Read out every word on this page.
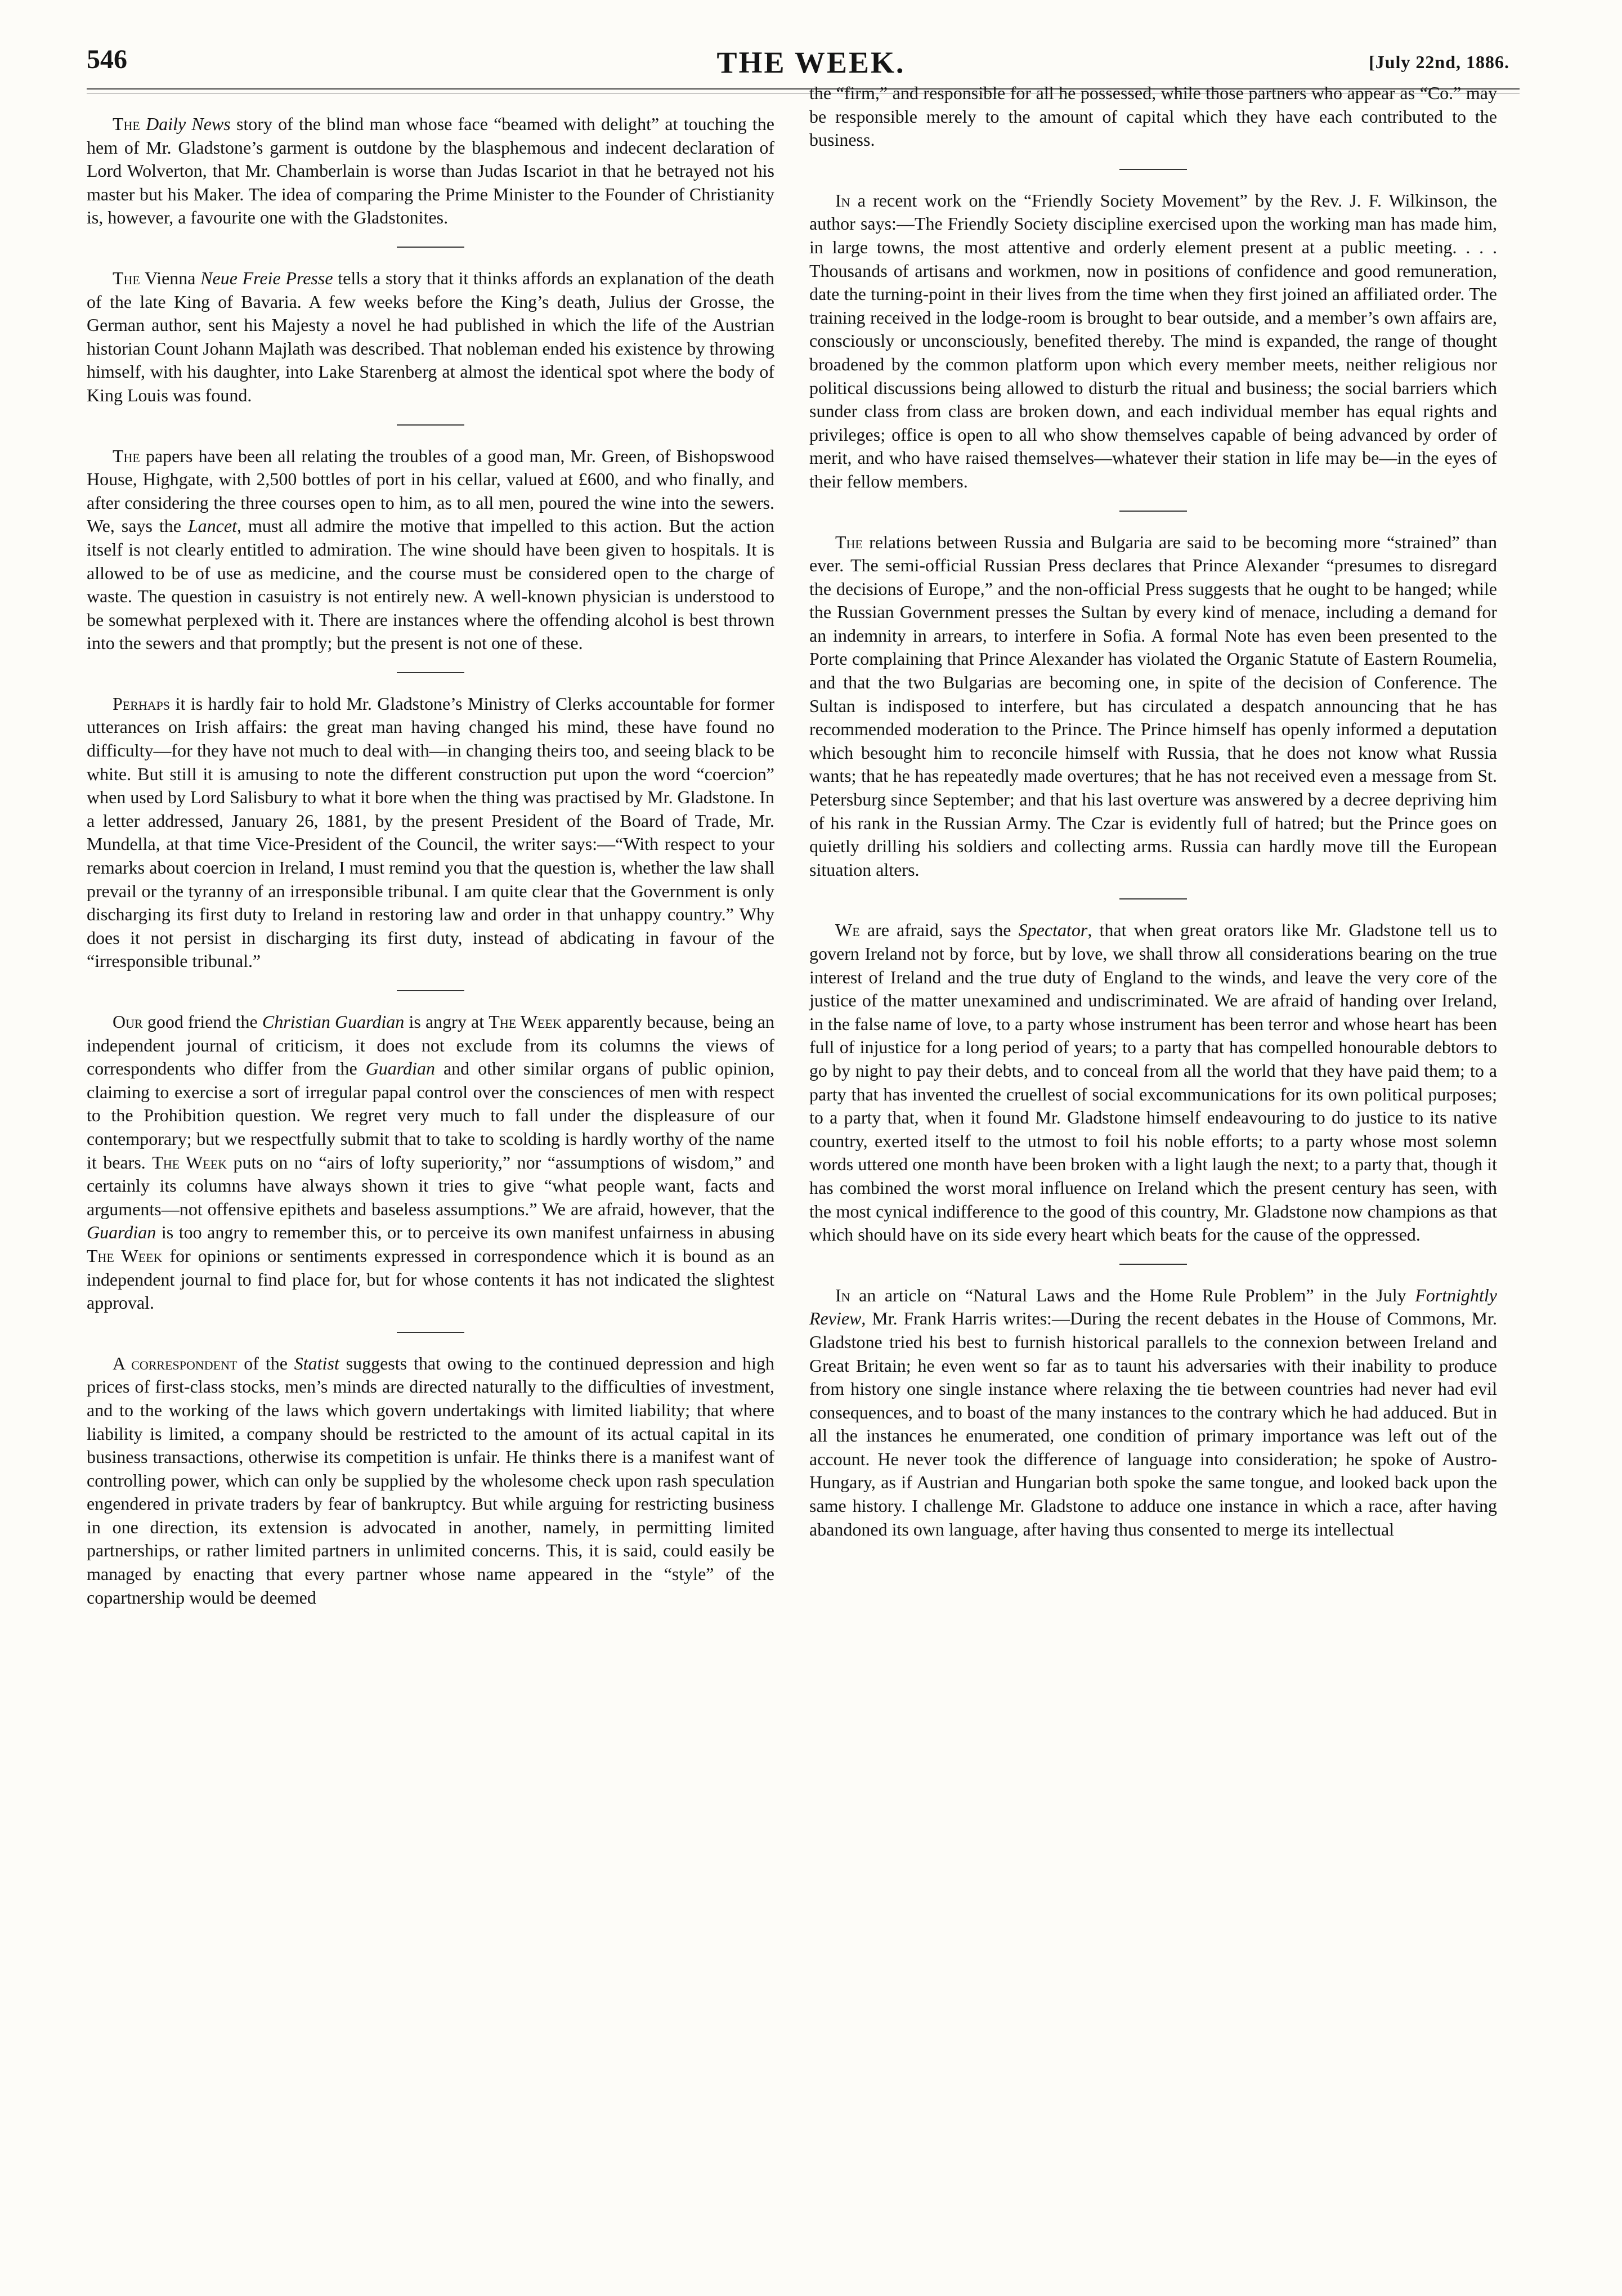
546	THE WEEK.	[July 22nd, 1886.

The Daily News story of the blind man whose face “beamed with delight” at touching the hem of Mr. Gladstone’s garment is outdone by the blasphemous and indecent declaration of Lord Wolverton, that Mr. Chamberlain is worse than Judas Iscariot in that he betrayed not his master but his Maker. The idea of comparing the Prime Minister to the Founder of Christianity is, however, a favourite one with the Gladstonites.

The Vienna Neue Freie Presse tells a story that it thinks affords an explanation of the death of the late King of Bavaria. A few weeks before the King’s death, Julius der Grosse, the German author, sent his Majesty a novel he had published in which the life of the Austrian historian Count Johann Majlath was described. That nobleman ended his existence by throwing himself, with his daughter, into Lake Starenberg at almost the identical spot where the body of King Louis was found.

The papers have been all relating the troubles of a good man, Mr. Green, of Bishopswood House, Highgate, with 2,500 bottles of port in his cellar, valued at £600, and who finally, and after considering the three courses open to him, as to all men, poured the wine into the sewers. We, says the Lancet, must all admire the motive that impelled to this action. But the action itself is not clearly entitled to admiration. The wine should have been given to hospitals. It is allowed to be of use as medicine, and the course must be considered open to the charge of waste. The question in casuistry is not entirely new. A well-known physician is understood to be somewhat perplexed with it. There are instances where the offending alcohol is best thrown into the sewers and that promptly; but the present is not one of these.

Perhaps it is hardly fair to hold Mr. Gladstone’s Ministry of Clerks accountable for former utterances on Irish affairs: the great man having changed his mind, these have found no difficulty—for they have not much to deal with—in changing theirs too, and seeing black to be white. But still it is amusing to note the different construction put upon the word “coercion” when used by Lord Salisbury to what it bore when the thing was practised by Mr. Gladstone. In a letter addressed, January 26, 1881, by the present President of the Board of Trade, Mr. Mundella, at that time Vice-President of the Council, the writer says:—“With respect to your remarks about coercion in Ireland, I must remind you that the question is, whether the law shall prevail or the tyranny of an irresponsible tribunal. I am quite clear that the Government is only discharging its first duty to Ireland in restoring law and order in that unhappy country.” Why does it not persist in discharging its first duty, instead of abdicating in favour of the “irresponsible tribunal.”

Our good friend the Christian Guardian is angry at The Week apparently because, being an independent journal of criticism, it does not exclude from its columns the views of correspondents who differ from the Guardian and other similar organs of public opinion, claiming to exercise a sort of irregular papal control over the consciences of men with respect to the Prohibition question. We regret very much to fall under the displeasure of our contemporary; but we respectfully submit that to take to scolding is hardly worthy of the name it bears. The Week puts on no “airs of lofty superiority,” nor “assumptions of wisdom,” and certainly its columns have always shown it tries to give “what people want, facts and arguments—not offensive epithets and baseless assumptions.” We are afraid, however, that the Guardian is too angry to remember this, or to perceive its own manifest unfairness in abusing The Week for opinions or sentiments expressed in correspondence which it is bound as an independent journal to find place for, but for whose contents it has not indicated the slightest approval.

A correspondent of the Statist suggests that owing to the continued depression and high prices of first-class stocks, men’s minds are directed naturally to the difficulties of investment, and to the working of the laws which govern undertakings with limited liability; that where liability is limited, a company should be restricted to the amount of its actual capital in its business transactions, otherwise its competition is unfair. He thinks there is a manifest want of controlling power, which can only be supplied by the wholesome check upon rash speculation engendered in private traders by fear of bankruptcy. But while arguing for restricting business in one direction, its extension is advocated in another, namely, in permitting limited partnerships, or rather limited partners in unlimited concerns. This, it is said, could easily be managed by enacting that every partner whose name appeared in the “style” of the copartnership would be deemed

the “firm,” and responsible for all he possessed, while those partners who appear as “Co.” may be responsible merely to the amount of capital which they have each contributed to the business.

In a recent work on the “Friendly Society Movement” by the Rev. J. F. Wilkinson, the author says:—The Friendly Society discipline exercised upon the working man has made him, in large towns, the most attentive and orderly element present at a public meeting. . . . Thousands of artisans and workmen, now in positions of confidence and good remuneration, date the turning-point in their lives from the time when they first joined an affiliated order. The training received in the lodge-room is brought to bear outside, and a member’s own affairs are, consciously or unconsciously, benefited thereby. The mind is expanded, the range of thought broadened by the common platform upon which every member meets, neither religious nor political discussions being allowed to disturb the ritual and business; the social barriers which sunder class from class are broken down, and each individual member has equal rights and privileges; office is open to all who show themselves capable of being advanced by order of merit, and who have raised themselves—whatever their station in life may be—in the eyes of their fellow members.

The relations between Russia and Bulgaria are said to be becoming more “strained” than ever. The semi-official Russian Press declares that Prince Alexander “presumes to disregard the decisions of Europe,” and the non-official Press suggests that he ought to be hanged; while the Russian Government presses the Sultan by every kind of menace, including a demand for an indemnity in arrears, to interfere in Sofia. A formal Note has even been presented to the Porte complaining that Prince Alexander has violated the Organic Statute of Eastern Roumelia, and that the two Bulgarias are becoming one, in spite of the decision of Conference. The Sultan is indisposed to interfere, but has circulated a despatch announcing that he has recommended moderation to the Prince. The Prince himself has openly informed a deputation which besought him to reconcile himself with Russia, that he does not know what Russia wants; that he has repeatedly made overtures; that he has not received even a message from St. Petersburg since September; and that his last overture was answered by a decree depriving him of his rank in the Russian Army. The Czar is evidently full of hatred; but the Prince goes on quietly drilling his soldiers and collecting arms. Russia can hardly move till the European situation alters.

We are afraid, says the Spectator, that when great orators like Mr. Gladstone tell us to govern Ireland not by force, but by love, we shall throw all considerations bearing on the true interest of Ireland and the true duty of England to the winds, and leave the very core of the justice of the matter unexamined and undiscriminated. We are afraid of handing over Ireland, in the false name of love, to a party whose instrument has been terror and whose heart has been full of injustice for a long period of years; to a party that has compelled honourable debtors to go by night to pay their debts, and to conceal from all the world that they have paid them; to a party that has invented the cruellest of social excommunications for its own political purposes; to a party that, when it found Mr. Gladstone himself endeavouring to do justice to its native country, exerted itself to the utmost to foil his noble efforts; to a party whose most solemn words uttered one month have been broken with a light laugh the next; to a party that, though it has combined the worst moral influence on Ireland which the present century has seen, with the most cynical indifference to the good of this country, Mr. Gladstone now champions as that which should have on its side every heart which beats for the cause of the oppressed.

In an article on “Natural Laws and the Home Rule Problem” in the July Fortnightly Review, Mr. Frank Harris writes:—During the recent debates in the House of Commons, Mr. Gladstone tried his best to furnish historical parallels to the connexion between Ireland and Great Britain; he even went so far as to taunt his adversaries with their inability to produce from history one single instance where relaxing the tie between countries had never had evil consequences, and to boast of the many instances to the contrary which he had adduced. But in all the instances he enumerated, one condition of primary importance was left out of the account. He never took the difference of language into consideration; he spoke of Austro-Hungary, as if Austrian and Hungarian both spoke the same tongue, and looked back upon the same history. I challenge Mr. Gladstone to adduce one instance in which a race, after having abandoned its own language, after having thus consented to merge its intellectual
